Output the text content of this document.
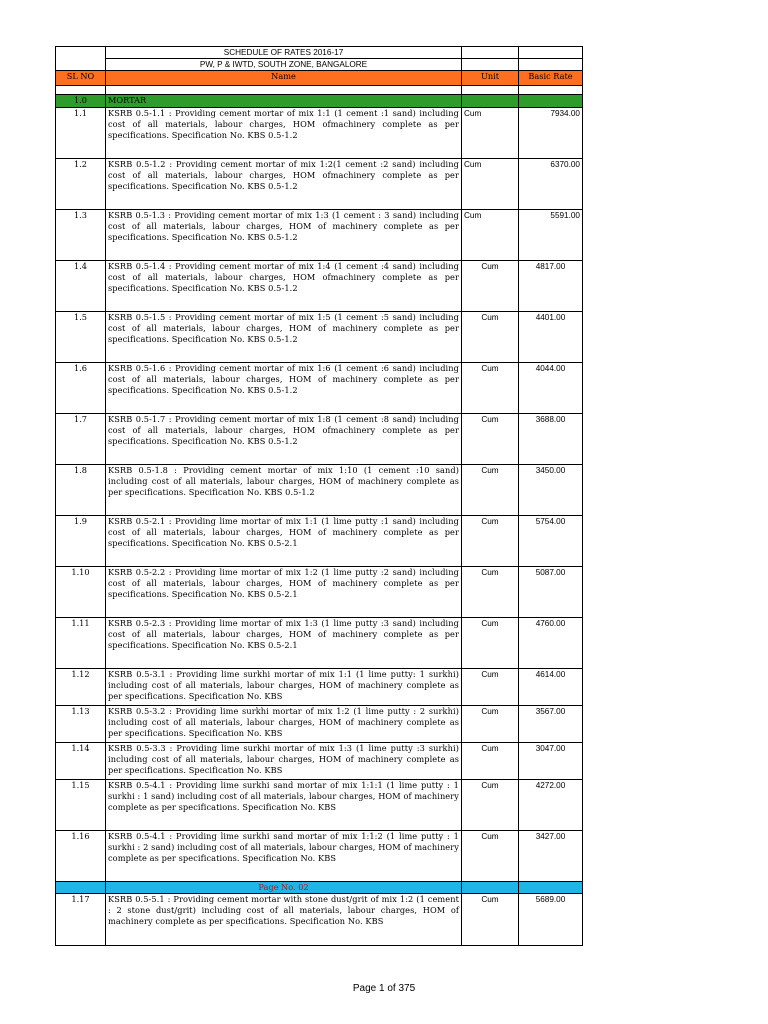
	SCHEDULE OF RATES 2016-17		
	PW, P & IWTD, SOUTH ZONE, BANGALORE		
SL NO	Name	Unit	Basic Rate

1.0	MORTAR		
1.1	KSRB 0.5-1.1 : Providing cement mortar of mix 1:1 (1 cement :1 sand) including cost of all materials, labour charges, HOM ofmachinery complete as per specifications. Specification No. KBS 0.5-1.2	Cum	7934.00
1.2	KSRB 0.5-1.2 : Providing cement mortar of mix 1:2(1 cement :2 sand) including cost of all materials, labour charges, HOM ofmachinery complete as per specifications. Specification No. KBS 0.5-1.2	Cum	6370.00
1.3	KSRB 0.5-1.3 : Providing cement mortar of mix 1:3 (1 cement : 3 sand) including cost of all materials, labour charges, HOM of machinery complete as per specifications. Specification No. KBS 0.5-1.2	Cum	5591.00
1.4	KSRB 0.5-1.4 : Providing cement mortar of mix 1:4 (1 cement :4 sand) including cost of all materials, labour charges, HOM ofmachinery complete as per specifications. Specification No. KBS 0.5-1.2	Cum	4817.00
1.5	KSRB 0.5-1.5 : Providing cement mortar of mix 1:5 (1 cement :5 sand) including cost of all materials, labour charges, HOM of machinery complete as per specifications. Specification No. KBS 0.5-1.2	Cum	4401.00
1.6	KSRB 0.5-1.6 : Providing cement mortar of mix 1:6 (1 cement :6 sand) including cost of all materials, labour charges, HOM of machinery complete as per specifications. Specification No. KBS 0.5-1.2	Cum	4044.00
1.7	KSRB 0.5-1.7 : Providing cement mortar of mix 1:8 (1 cement :8 sand) including cost of all materials, labour charges, HOM ofmachinery complete as per specifications. Specification No. KBS 0.5-1.2	Cum	3688.00
1.8	KSRB 0.5-1.8 : Providing cement mortar of mix 1:10 (1 cement :10 sand) including cost of all materials, labour charges, HOM of machinery complete as per specifications. Specification No. KBS 0.5-1.2	Cum	3450.00
1.9	KSRB 0.5-2.1 : Providing lime mortar of mix 1:1 (1 lime putty :1 sand) including cost of all materials, labour charges, HOM of machinery complete as per specifications. Specification No. KBS 0.5-2.1	Cum	5754.00
1.10	KSRB 0.5-2.2 : Providing lime mortar of mix 1:2 (1 lime putty :2 sand) including cost of all materials, labour charges, HOM of machinery complete as per specifications. Specification No. KBS 0.5-2.1	Cum	5087.00
1.11	KSRB 0.5-2.3 : Providing lime mortar of mix 1:3 (1 lime putty :3 sand) including cost of all materials, labour charges, HOM of machinery complete as per specifications. Specification No. KBS 0.5-2.1	Cum	4760.00
1.12	KSRB 0.5-3.1 : Providing lime surkhi mortar of mix 1:1 (1 lime putty: 1 surkhi) including cost of all materials, labour charges, HOM of machinery complete as per specifications. Specification No. KBS	Cum	4614.00
1.13	KSRB 0.5-3.2 : Providing lime surkhi mortar of mix 1:2 (1 lime putty : 2 surkhi) including cost of all materials, labour charges, HOM of machinery complete as per specifications. Specification No. KBS	Cum	3567.00
1.14	KSRB 0.5-3.3 : Providing lime surkhi mortar of mix 1:3 (1 lime putty :3 surkhi) including cost of all materials, labour charges, HOM of machinery complete as per specifications. Specification No. KBS	Cum	3047.00
1.15	KSRB 0.5-4.1 : Providing lime surkhi sand mortar of mix 1:1:1 (1 lime putty : 1 surkhi : 1 sand) including cost of all materials, labour charges, HOM of machinery complete as per specifications. Specification No. KBS	Cum	4272.00
1.16	KSRB 0.5-4.1 : Providing lime surkhi sand mortar of mix 1:1:2 (1 lime putty : 1 surkhi : 2 sand) including cost of all materials, labour charges, HOM of machinery complete as per specifications. Specification No. KBS	Cum	3427.00
	Page No. 02		
1.17	KSRB 0.5-5.1 : Providing cement mortar with stone dust/grit of mix 1:2 (1 cement : 2 stone dust/grit) including cost of all materials, labour charges, HOM of machinery complete as per specifications. Specification No. KBS	Cum	5689.00
Page 1 of 375
